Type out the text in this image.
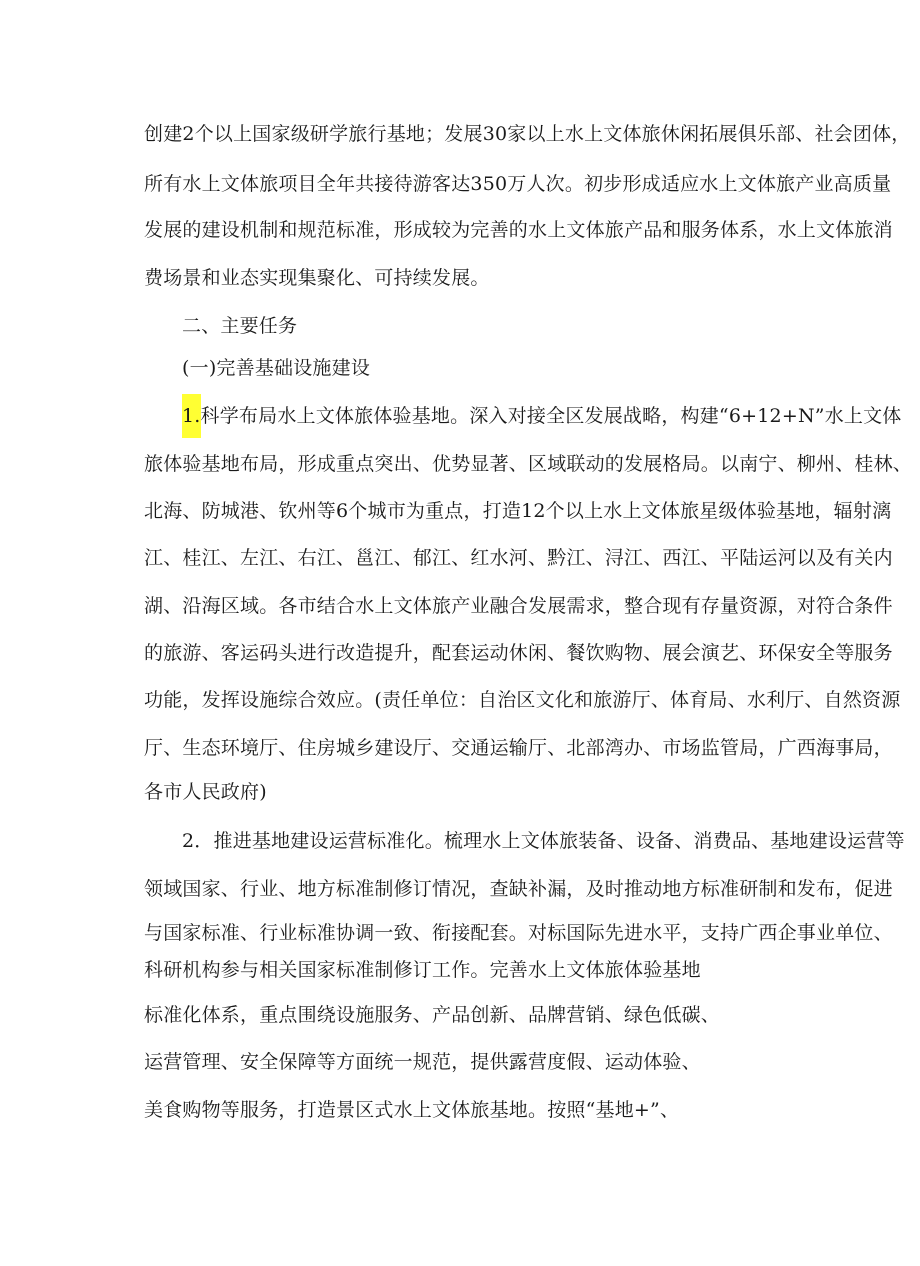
创建2个以上国家级研学旅行基地；发展30家以上水上文体旅休闲拓展俱乐部、社会团体，
所有水上文体旅项目全年共接待游客达350万人次。初步形成适应水上文体旅产业高质量
发展的建设机制和规范标准，形成较为完善的水上文体旅产品和服务体系，水上文体旅消
费场景和业态实现集聚化、可持续发展。
二、主要任务
(一)完善基础设施建设
1.科学布局水上文体旅体验基地。深入对接全区发展战略，构建“6+12+N”水上文体
旅体验基地布局，形成重点突出、优势显著、区域联动的发展格局。以南宁、柳州、桂林、
北海、防城港、钦州等6个城市为重点，打造12个以上水上文体旅星级体验基地，辐射漓
江、桂江、左江、右江、邕江、郁江、红水河、黔江、浔江、西江、平陆运河以及有关内
湖、沿海区域。各市结合水上文体旅产业融合发展需求，整合现有存量资源，对符合条件
的旅游、客运码头进行改造提升，配套运动休闲、餐饮购物、展会演艺、环保安全等服务
功能，发挥设施综合效应。(责任单位：自治区文化和旅游厅、体育局、水利厅、自然资源
厅、生态环境厅、住房城乡建设厅、交通运输厅、北部湾办、市场监管局，广西海事局，
各市人民政府)
2．推进基地建设运营标准化。梳理水上文体旅装备、设备、消费品、基地建设运营等
领域国家、行业、地方标准制修订情况，查缺补漏，及时推动地方标准研制和发布，促进
与国家标准、行业标准协调一致、衔接配套。对标国际先进水平，支持广西企事业单位、
科研机构参与相关国家标准制修订工作。完善水上文体旅体验基地
标准化体系，重点围绕设施服务、产品创新、品牌营销、绿色低碳、
运营管理、安全保障等方面统一规范，提供露营度假、运动体验、
美食购物等服务，打造景区式水上文体旅基地。按照“基地+”、
